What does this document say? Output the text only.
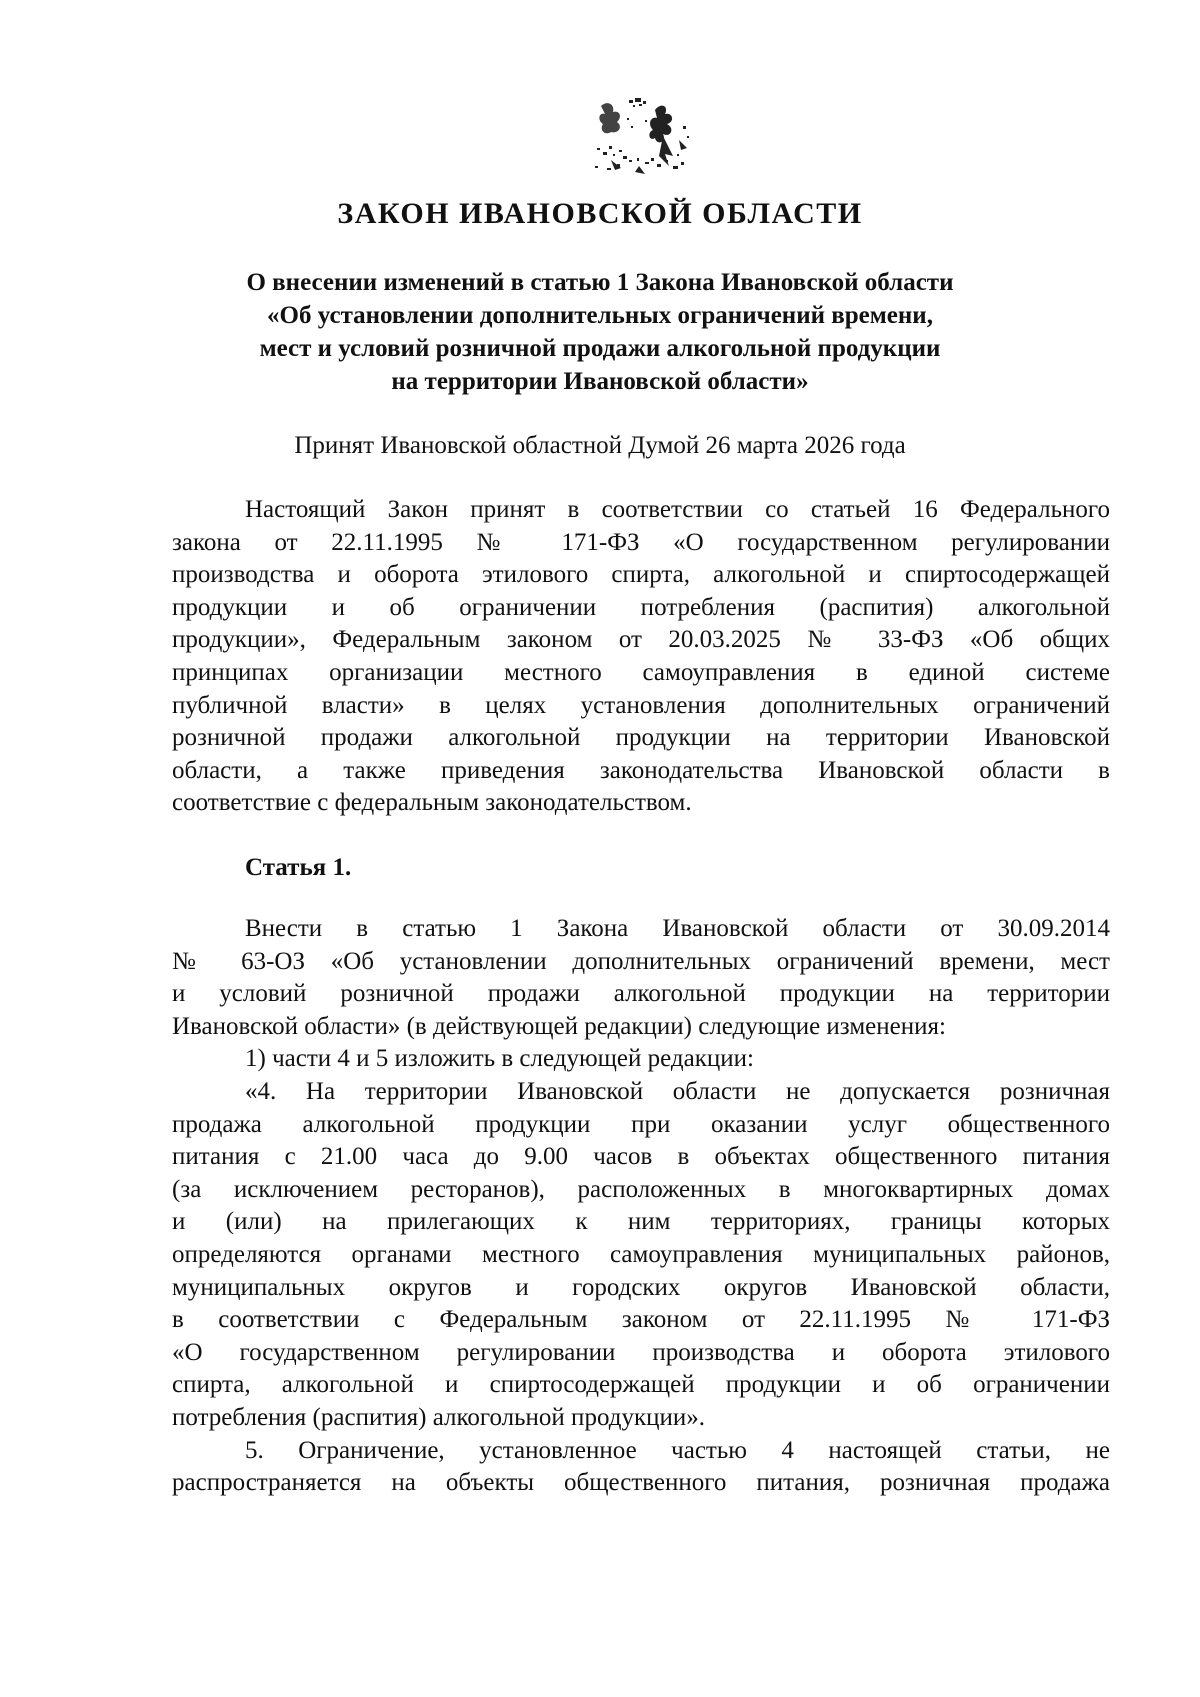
ЗАКОН ИВАНОВСКОЙ ОБЛАСТИ
О внесении изменений в статью 1 Закона Ивановской области
«Об установлении дополнительных ограничений времени,
мест и условий розничной продажи алкогольной продукции
на территории Ивановской области»
Принят Ивановской областной Думой 26 марта 2026 года

Настоящий Закон принят в соответствии со статьей 16 Федерального

закона от 22.11.1995 № 171-ФЗ «О государственном регулировании

производства и оборота этилового спирта, алкогольной и спиртосодержащей

продукции и об ограничении потребления (распития) алкогольной

продукции», Федеральным законом от 20.03.2025 № 33-ФЗ «Об общих

принципах организации местного самоуправления в единой системе

публичной власти» в целях установления дополнительных ограничений

розничной продажи алкогольной продукции на территории Ивановской

области, а также приведения законодательства Ивановской области в

соответствие с федеральным законодательством.

Статья 1.

Внести в статью 1 Закона Ивановской области от 30.09.2014

№ 63-ОЗ «Об установлении дополнительных ограничений времени, мест

и условий розничной продажи алкогольной продукции на территории

Ивановской области» (в действующей редакции) следующие изменения:

1) части 4 и 5 изложить в следующей редакции:

«4. На территории Ивановской области не допускается розничная

продажа алкогольной продукции при оказании услуг общественного

питания с 21.00 часа до 9.00 часов в объектах общественного питания

(за исключением ресторанов), расположенных в многоквартирных домах

и (или) на прилегающих к ним территориях, границы которых

определяются органами местного самоуправления муниципальных районов,

муниципальных округов и городских округов Ивановской области,

в соответствии с Федеральным законом от 22.11.1995 № 171-ФЗ

«О государственном регулировании производства и оборота этилового

спирта, алкогольной и спиртосодержащей продукции и об ограничении

потребления (распития) алкогольной продукции».

5. Ограничение, установленное частью 4 настоящей статьи, не

распространяется на объекты общественного питания, розничная продажа
